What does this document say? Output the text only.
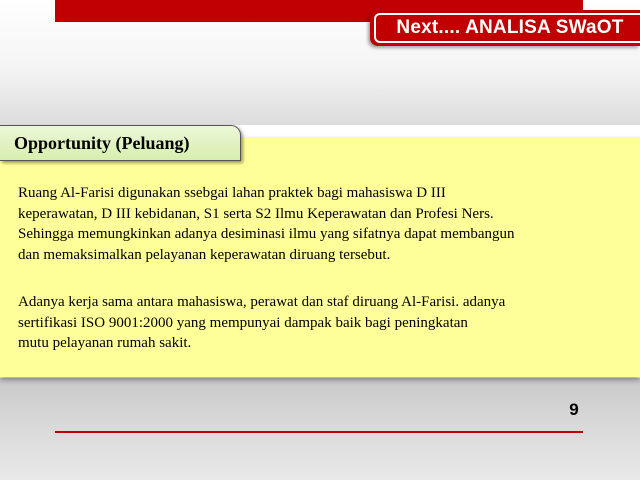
Next.... ANALISA SWaOT
Opportunity (Peluang)

Ruang Al-Farisi digunakan ssebgai lahan praktek bagi mahasiswa D III
keperawatan, D III kebidanan, S1 serta S2 Ilmu Keperawatan dan Profesi Ners.
Sehingga memungkinkan adanya desiminasi ilmu yang sifatnya dapat membangun
dan memaksimalkan pelayanan keperawatan diruang tersebut.

Adanya kerja sama antara mahasiswa, perawat dan staf diruang Al-Farisi. adanya
sertifikasi ISO 9001:2000 yang mempunyai dampak baik bagi peningkatan
mutu pelayanan rumah sakit.

9
